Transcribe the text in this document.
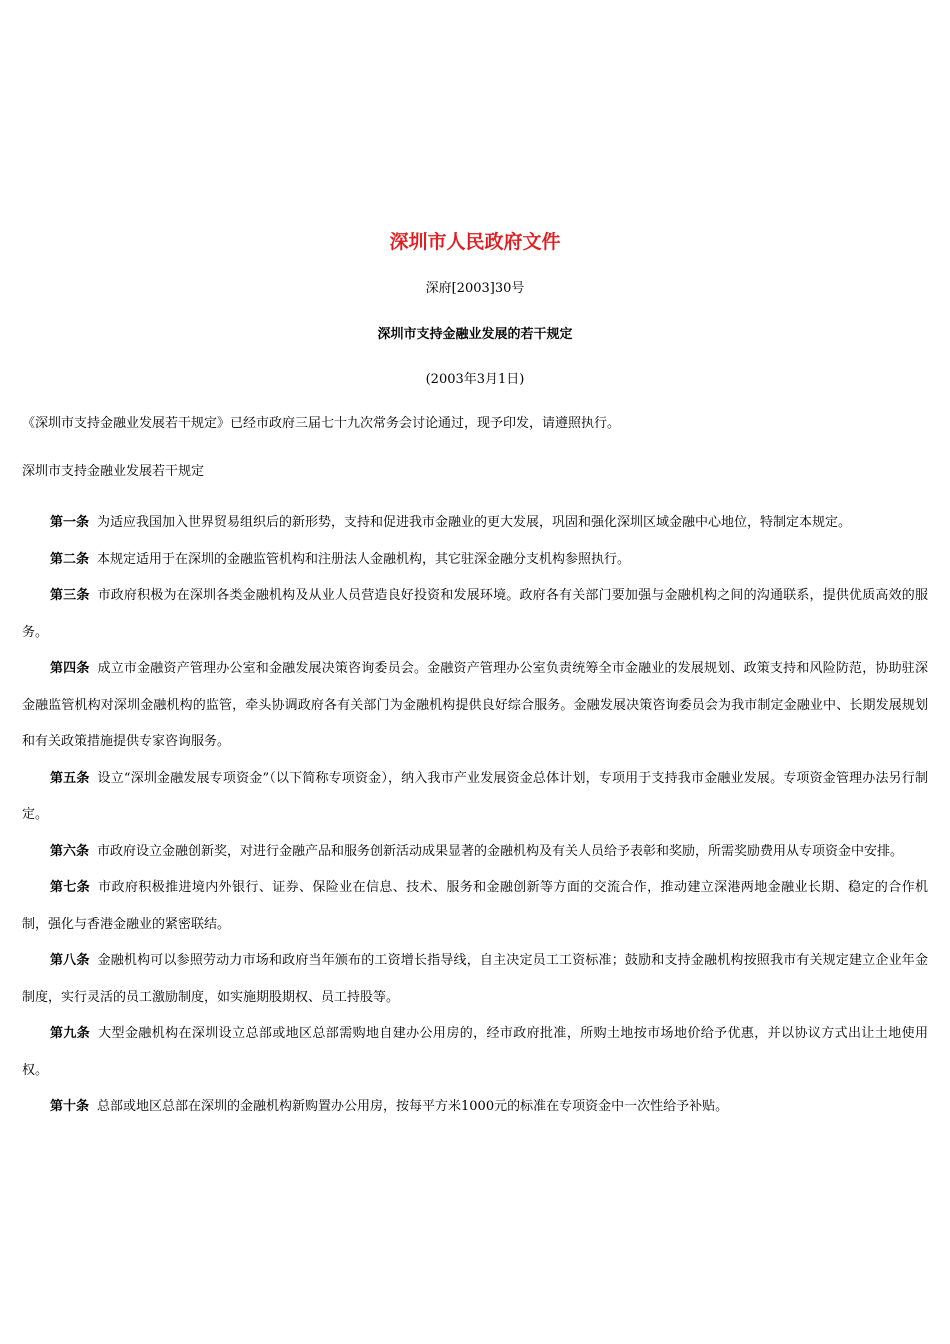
深圳市人民政府文件
深府[2003]30号
深圳市支持金融业发展的若干规定
(2003年3月1日)
《深圳市支持金融业发展若干规定》已经市政府三届七十九次常务会讨论通过，现予印发，请遵照执行。
深圳市支持金融业发展若干规定

第一条 为适应我国加入世界贸易组织后的新形势，支持和促进我市金融业的更大发展，巩固和强化深圳区域金融中心地位，特制定本规定。

第二条 本规定适用于在深圳的金融监管机构和注册法人金融机构，其它驻深金融分支机构参照执行。

第三条 市政府积极为在深圳各类金融机构及从业人员营造良好投资和发展环境。政府各有关部门要加强与金融机构之间的沟通联系，提供优质高效的服务。

第四条 成立市金融资产管理办公室和金融发展决策咨询委员会。金融资产管理办公室负责统筹全市金融业的发展规划、政策支持和风险防范，协助驻深金融监管机构对深圳金融机构的监管，牵头协调政府各有关部门为金融机构提供良好综合服务。金融发展决策咨询委员会为我市制定金融业中、长期发展规划和有关政策措施提供专家咨询服务。

第五条 设立“深圳金融发展专项资金”（以下简称专项资金），纳入我市产业发展资金总体计划，专项用于支持我市金融业发展。专项资金管理办法另行制定。

第六条 市政府设立金融创新奖，对进行金融产品和服务创新活动成果显著的金融机构及有关人员给予表彰和奖励，所需奖励费用从专项资金中安排。

第七条 市政府积极推进境内外银行、证券、保险业在信息、技术、服务和金融创新等方面的交流合作，推动建立深港两地金融业长期、稳定的合作机制，强化与香港金融业的紧密联结。

第八条 金融机构可以参照劳动力市场和政府当年颁布的工资增长指导线，自主决定员工工资标准；鼓励和支持金融机构按照我市有关规定建立企业年金制度，实行灵活的员工激励制度，如实施期股期权、员工持股等。

第九条 大型金融机构在深圳设立总部或地区总部需购地自建办公用房的，经市政府批准，所购土地按市场地价给予优惠，并以协议方式出让土地使用权。

第十条 总部或地区总部在深圳的金融机构新购置办公用房，按每平方米1000元的标准在专项资金中一次性给予补贴。
